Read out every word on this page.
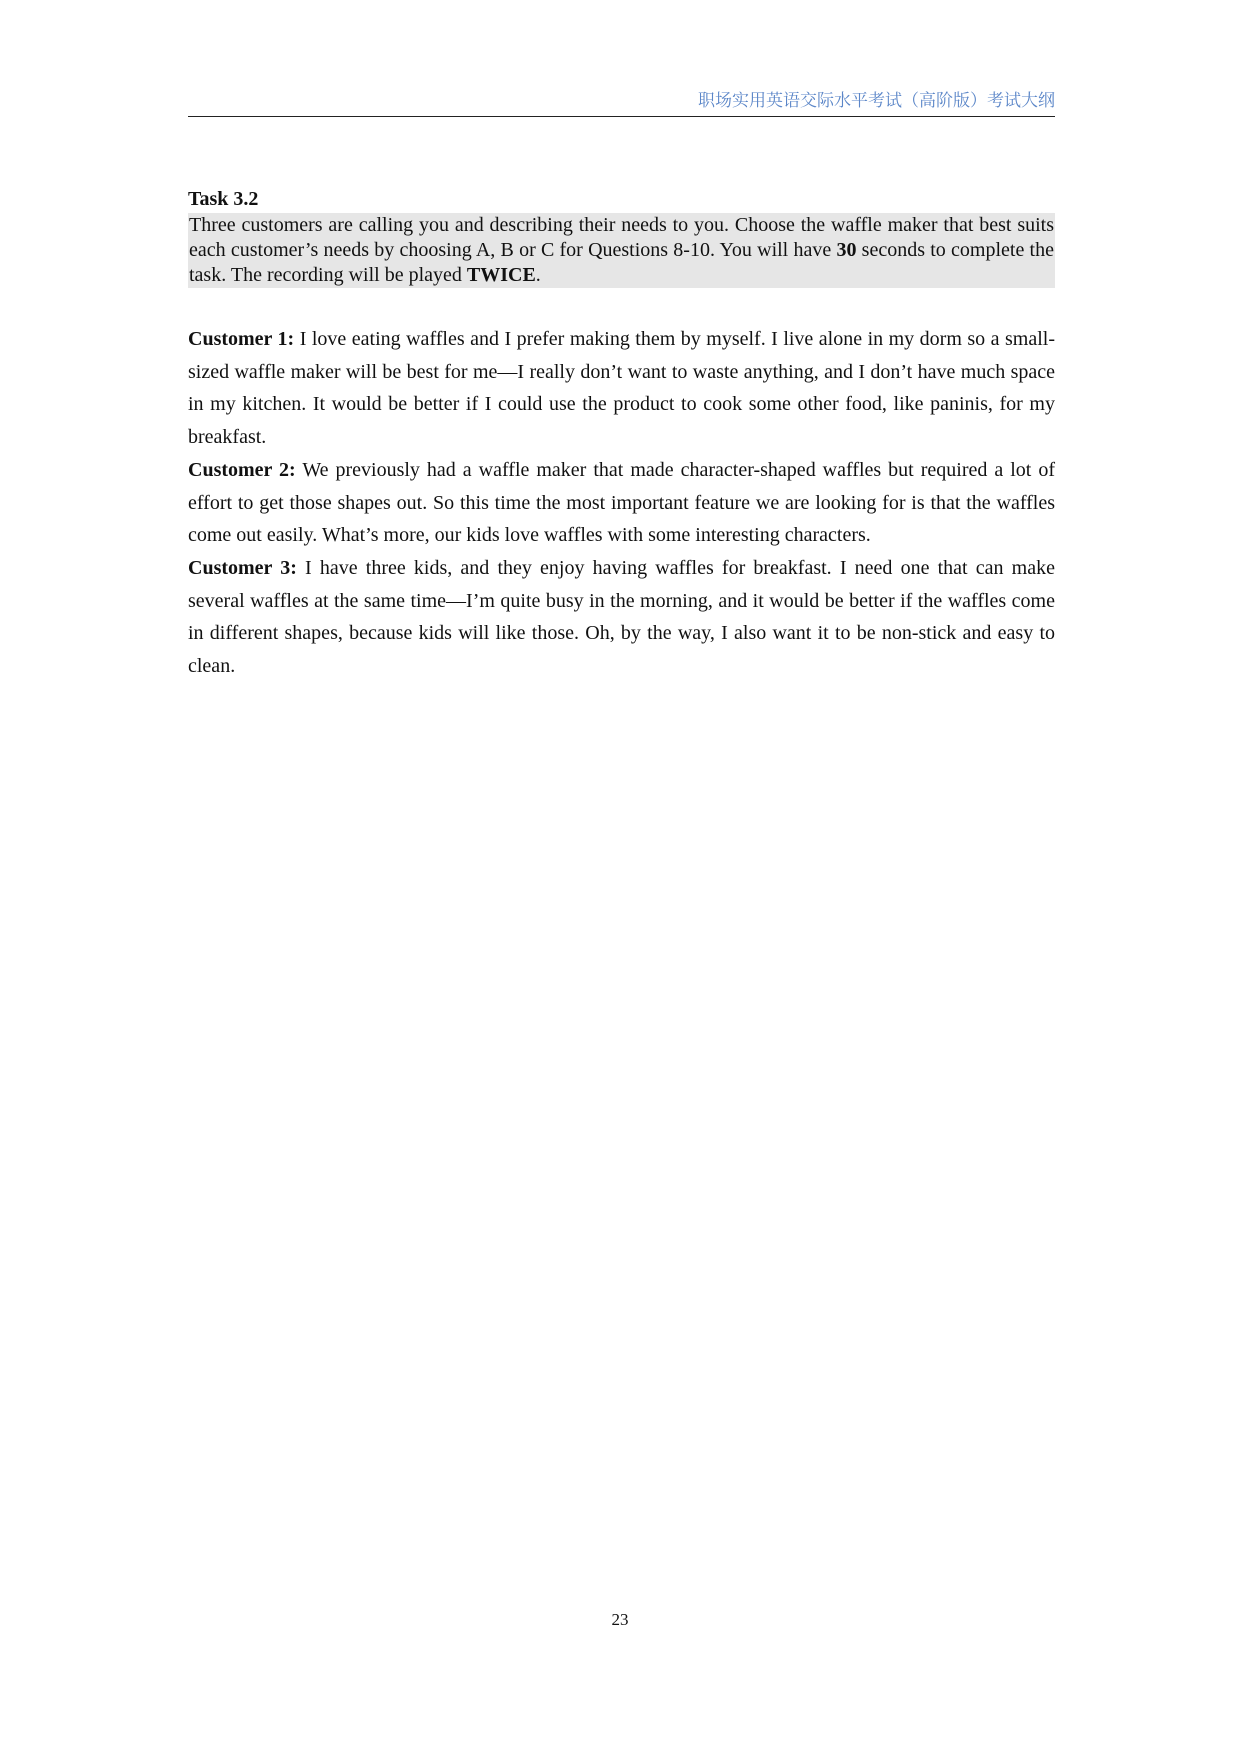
职场实用英语交际水平考试（高阶版）考试大纲

Task 3.2

Three customers are calling you and describing their needs to you. Choose the waffle maker that best suits each customer’s needs by choosing A, B or C for Questions 8-10. You will have 30 seconds to complete the task. The recording will be played TWICE.

Customer 1: I love eating waffles and I prefer making them by myself. I live alone in my dorm so a small-sized waffle maker will be best for me—I really don’t want to waste anything, and I don’t have much space in my kitchen. It would be better if I could use the product to cook some other food, like paninis, for my breakfast.

Customer 2: We previously had a waffle maker that made character-shaped waffles but required a lot of effort to get those shapes out. So this time the most important feature we are looking for is that the waffles come out easily. What’s more, our kids love waffles with some interesting characters.

Customer 3: I have three kids, and they enjoy having waffles for breakfast. I need one that can make several waffles at the same time—I’m quite busy in the morning, and it would be better if the waffles come in different shapes, because kids will like those. Oh, by the way, I also want it to be non-stick and easy to clean.

23
